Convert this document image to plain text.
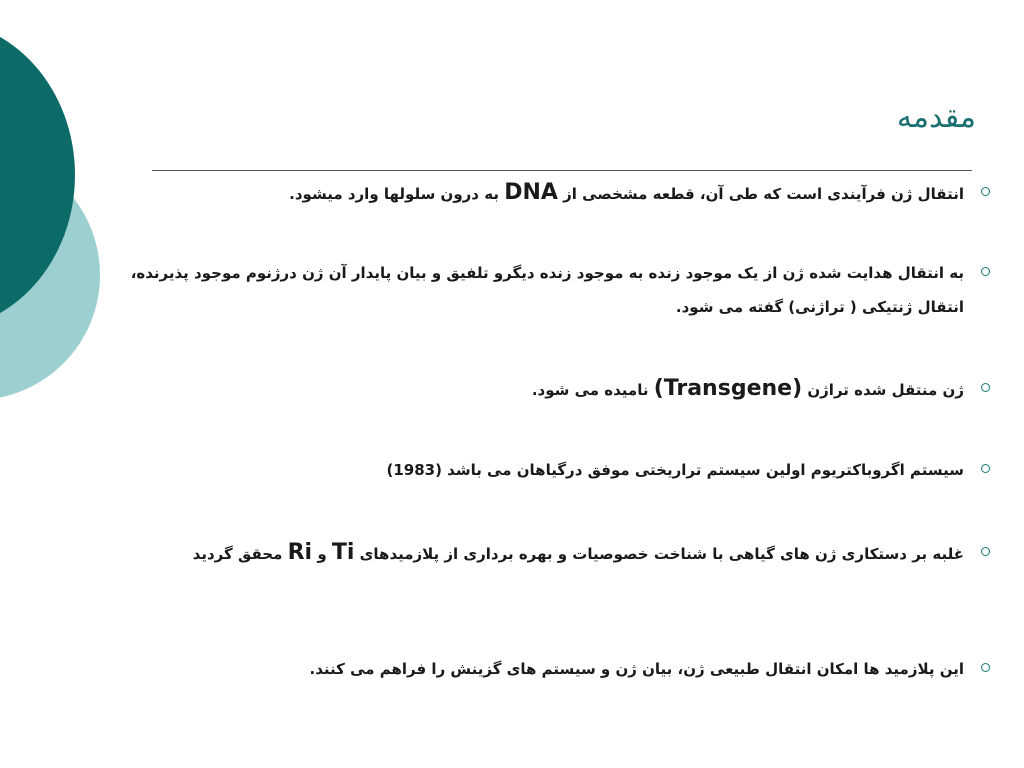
مقدمه
انتقال ژن فرآیندی است که طی آن، قطعه مشخصی از DNA به درون سلولها وارد میشود.
به انتقال هدایت شده ژن از یک موجود زنده به موجود زنده دیگرو تلفیق و بیان پایدار آن ژن درژنوم موجود پذیرنده، انتقال ژنتیکی ( تراژنی) گفته می شود.
ژن منتقل شده تراژن (Transgene) نامیده می شود.
سیستم اگروباکتریوم اولین سیستم تراریختی موفق درگیاهان می باشد (1983)
غلبه بر دستکاری ژن های گیاهی با شناخت خصوصیات و بهره برداری از پلازمیدهای Ti و Ri محقق گردید
این پلازمید ها امکان انتقال طبیعی ژن، بیان ژن و سیستم های گزینش را فراهم می کنند.
